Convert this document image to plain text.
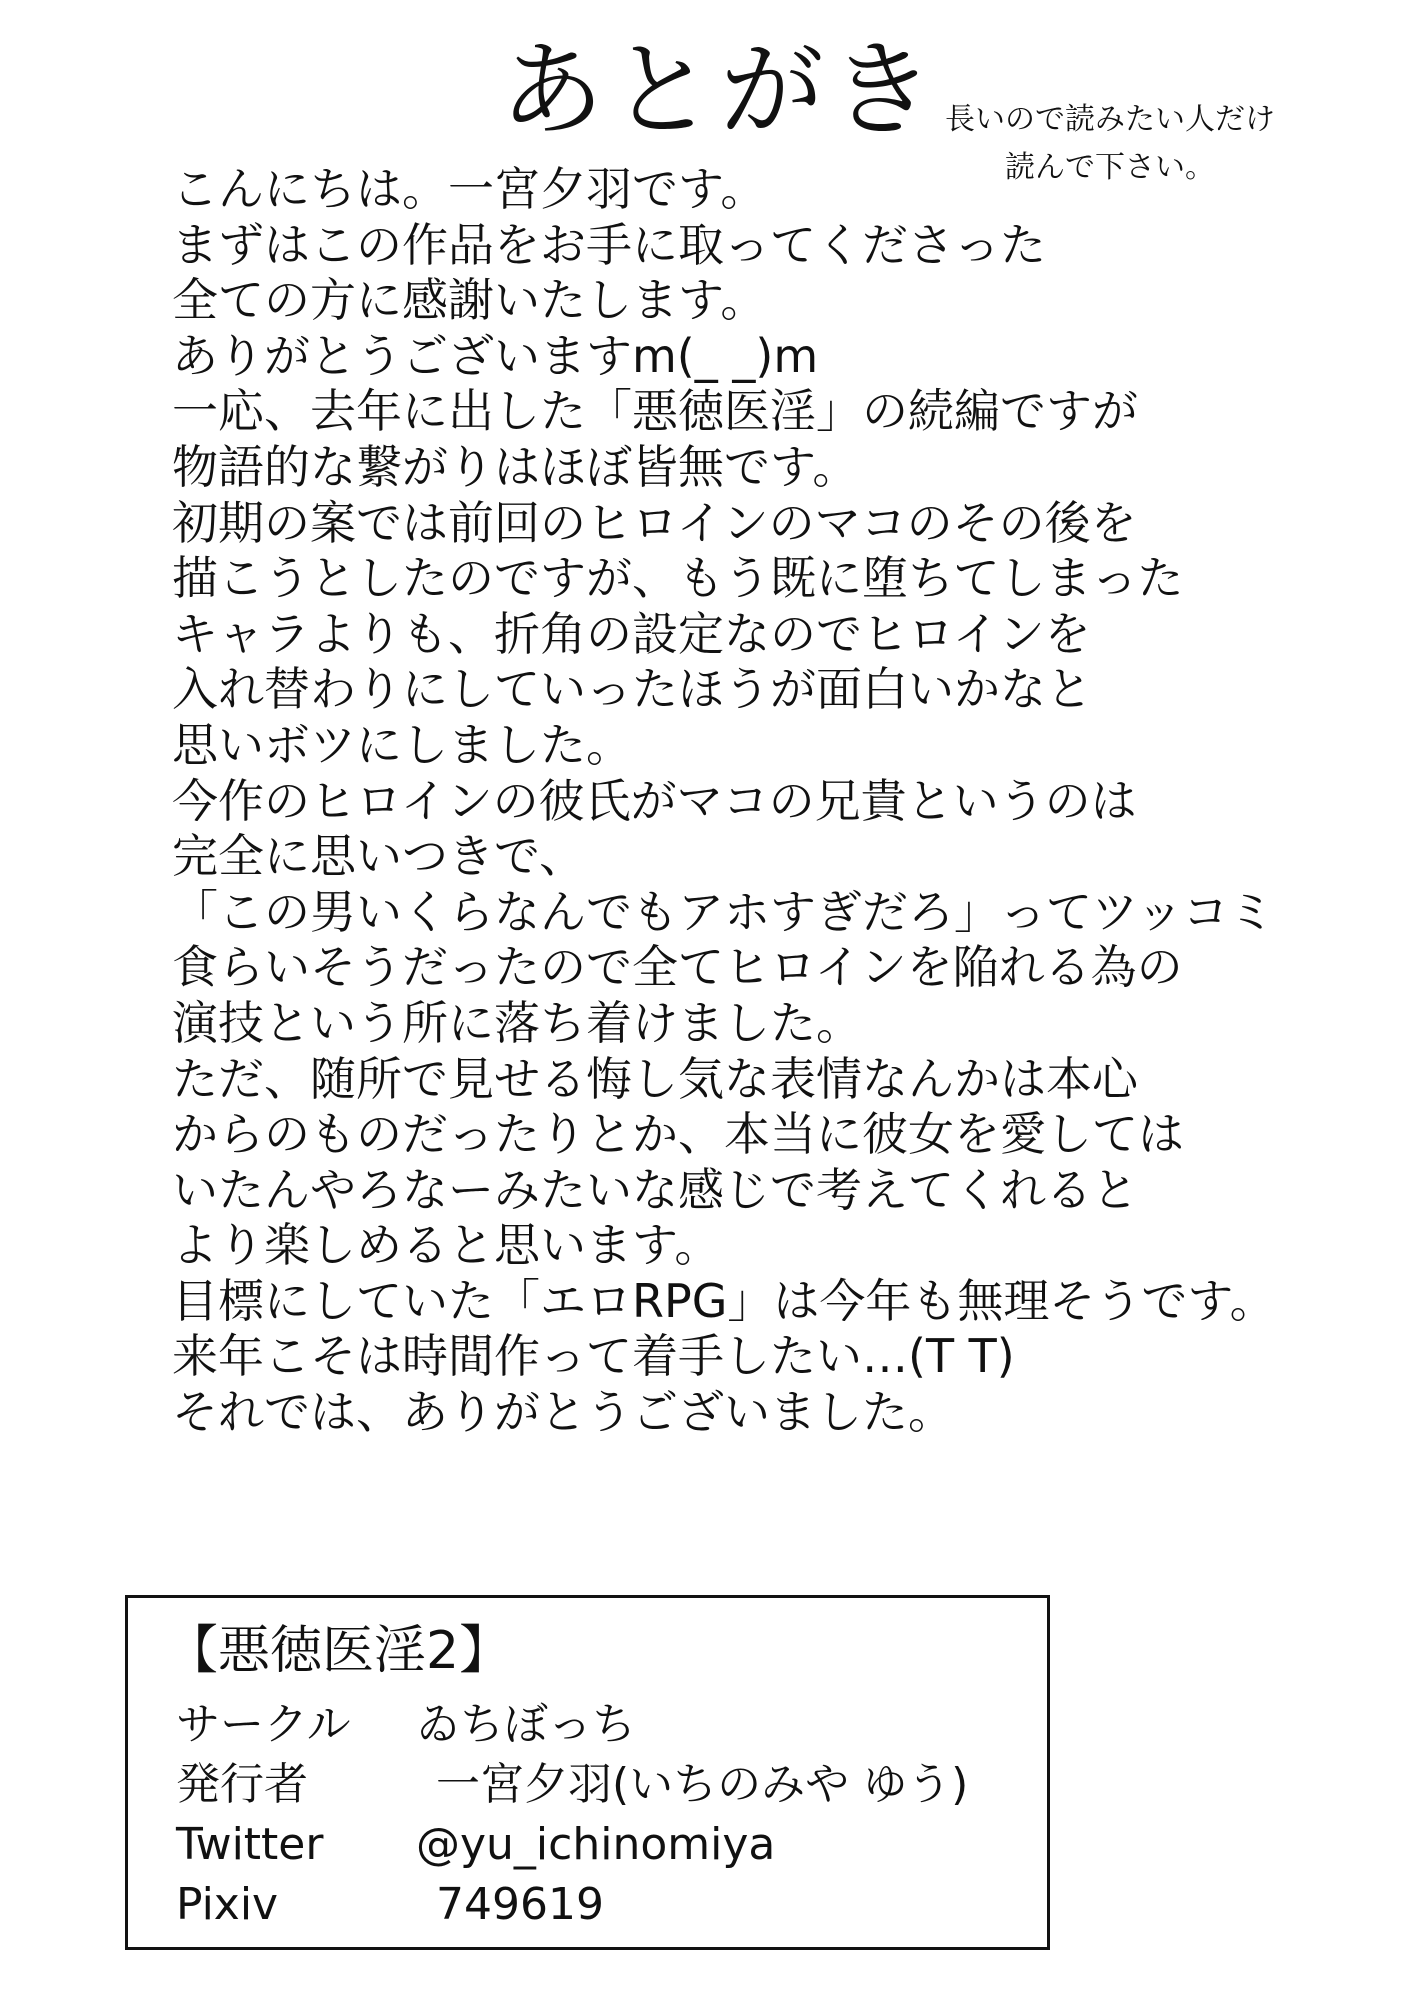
あとがき 長いので読みたい人だけ
読んで下さい。
こんにちは。一宮夕羽です。
まずはこの作品をお手に取ってくださった
全ての方に感謝いたします。
ありがとうございますm(_ _)m
一応、去年に出した「悪徳医淫」の続編ですが
物語的な繋がりはほぼ皆無です。
初期の案では前回のヒロインのマコのその後を
描こうとしたのですが、もう既に堕ちてしまった
キャラよりも、折角の設定なのでヒロインを
入れ替わりにしていったほうが面白いかなと
思いボツにしました。
今作のヒロインの彼氏がマコの兄貴というのは
完全に思いつきで、
「この男いくらなんでもアホすぎだろ」ってツッコミ
食らいそうだったので全てヒロインを陥れる為の
演技という所に落ち着けました。
ただ、随所で見せる悔し気な表情なんかは本心
からのものだったりとか、本当に彼女を愛しては
いたんやろなーみたいな感じで考えてくれると
より楽しめると思います。
目標にしていた「エロRPG」は今年も無理そうです。
来年こそは時間作って着手したい…(T T)
それでは、ありがとうございました。
【悪徳医淫2】
サークル ゐちぼっち
発行者	一宮夕羽(いちのみや ゆう)
Twitter @yu_ichinomiya
Pixiv	749619
